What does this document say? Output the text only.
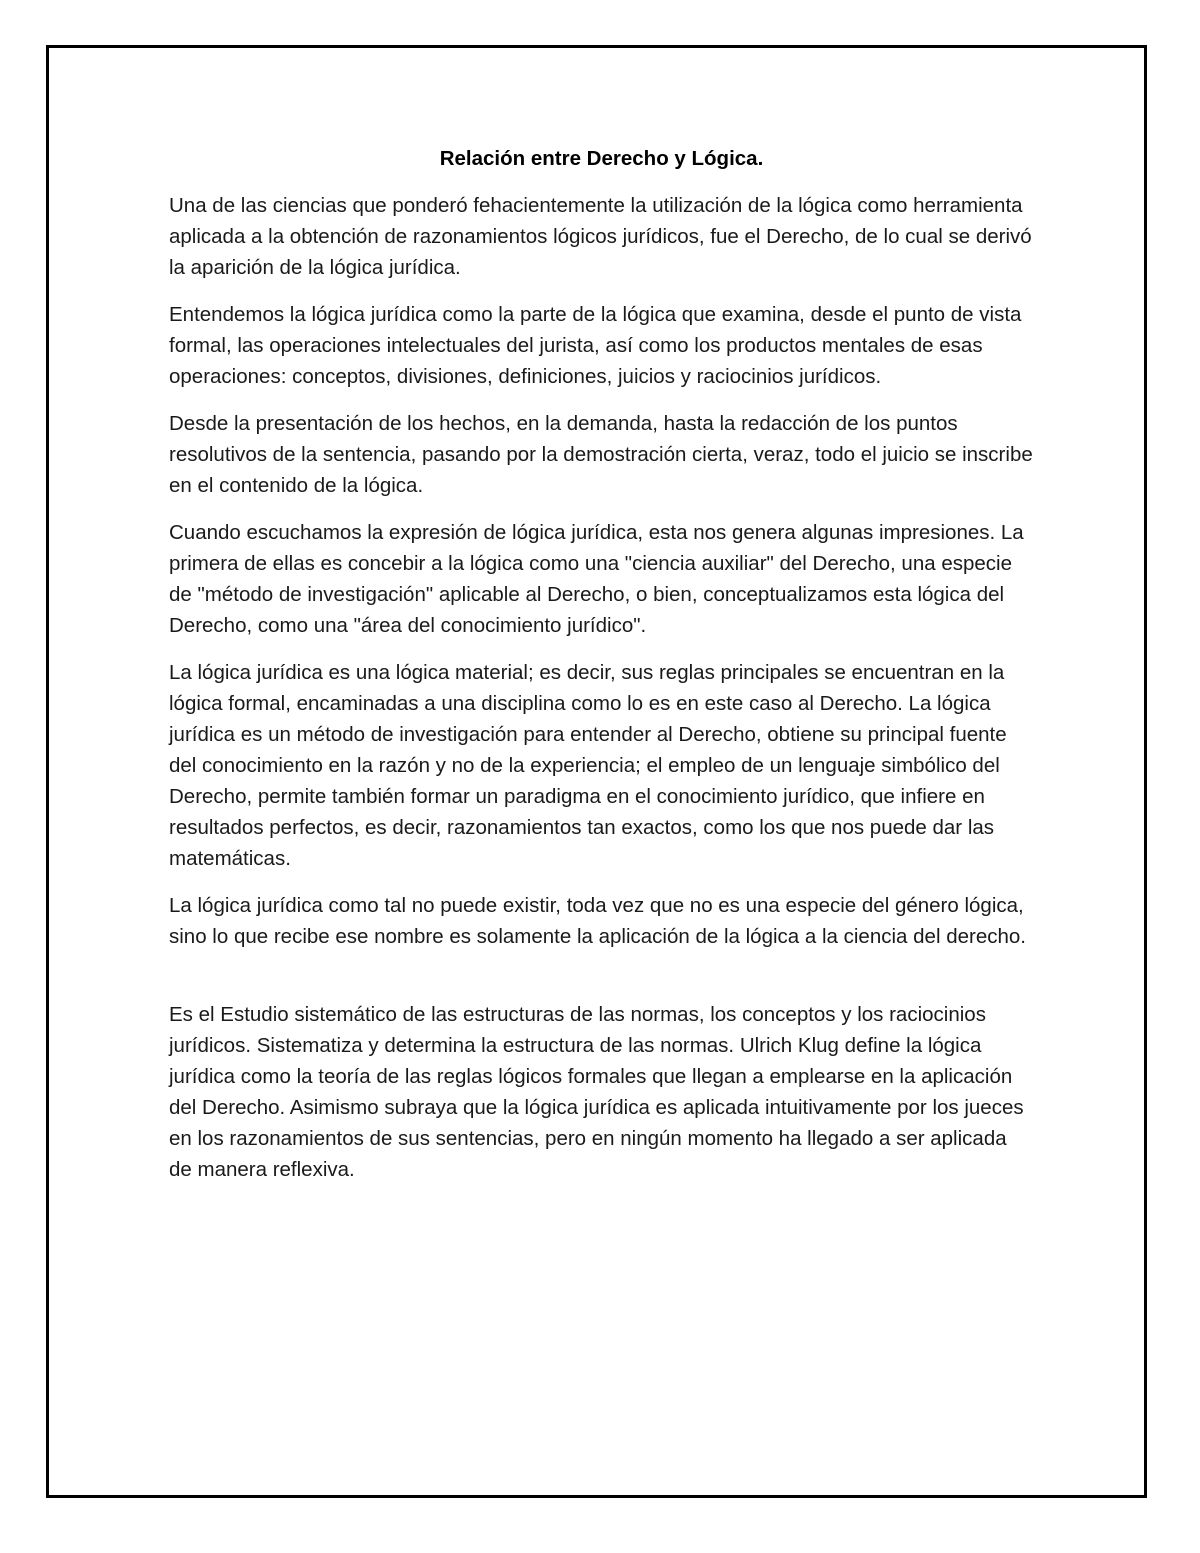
Relación entre Derecho y Lógica.

Una de las ciencias que ponderó fehacientemente la utilización de la lógica como herramienta aplicada a la obtención de razonamientos lógicos jurídicos, fue el Derecho, de lo cual se derivó la aparición de la lógica jurídica.

Entendemos la lógica jurídica como la parte de la lógica que examina, desde el punto de vista formal, las operaciones intelectuales del jurista, así como los productos mentales de esas operaciones: conceptos, divisiones, definiciones, juicios y raciocinios jurídicos.

Desde la presentación de los hechos, en la demanda, hasta la redacción de los puntos resolutivos de la sentencia, pasando por la demostración cierta, veraz, todo el juicio se inscribe en el contenido de la lógica.

Cuando escuchamos la expresión de lógica jurídica, esta nos genera algunas impresiones. La primera de ellas es concebir a la lógica como una "ciencia auxiliar" del Derecho, una especie de "método de investigación" aplicable al Derecho, o bien, conceptualizamos esta lógica del Derecho, como una "área del conocimiento jurídico".

La lógica jurídica es una lógica material; es decir, sus reglas principales se encuentran en la lógica formal, encaminadas a una disciplina como lo es en este caso al Derecho. La lógica jurídica es un método de investigación para entender al Derecho, obtiene su principal fuente del conocimiento en la razón y no de la experiencia; el empleo de un lenguaje simbólico del Derecho, permite también formar un paradigma en el conocimiento jurídico, que infiere en resultados perfectos, es decir, razonamientos tan exactos, como los que nos puede dar las matemáticas.

La lógica jurídica como tal no puede existir, toda vez que no es una especie del género lógica, sino lo que recibe ese nombre es solamente la aplicación de la lógica a la ciencia del derecho.

Es el Estudio sistemático de las estructuras de las normas, los conceptos y los raciocinios jurídicos. Sistematiza y determina la estructura de las normas. Ulrich Klug define la lógica jurídica como la teoría de las reglas lógicos formales que llegan a emplearse en la aplicación del Derecho. Asimismo subraya que la lógica jurídica es aplicada intuitivamente por los jueces en los razonamientos de sus sentencias, pero en ningún momento ha llegado a ser aplicada de manera reflexiva.
